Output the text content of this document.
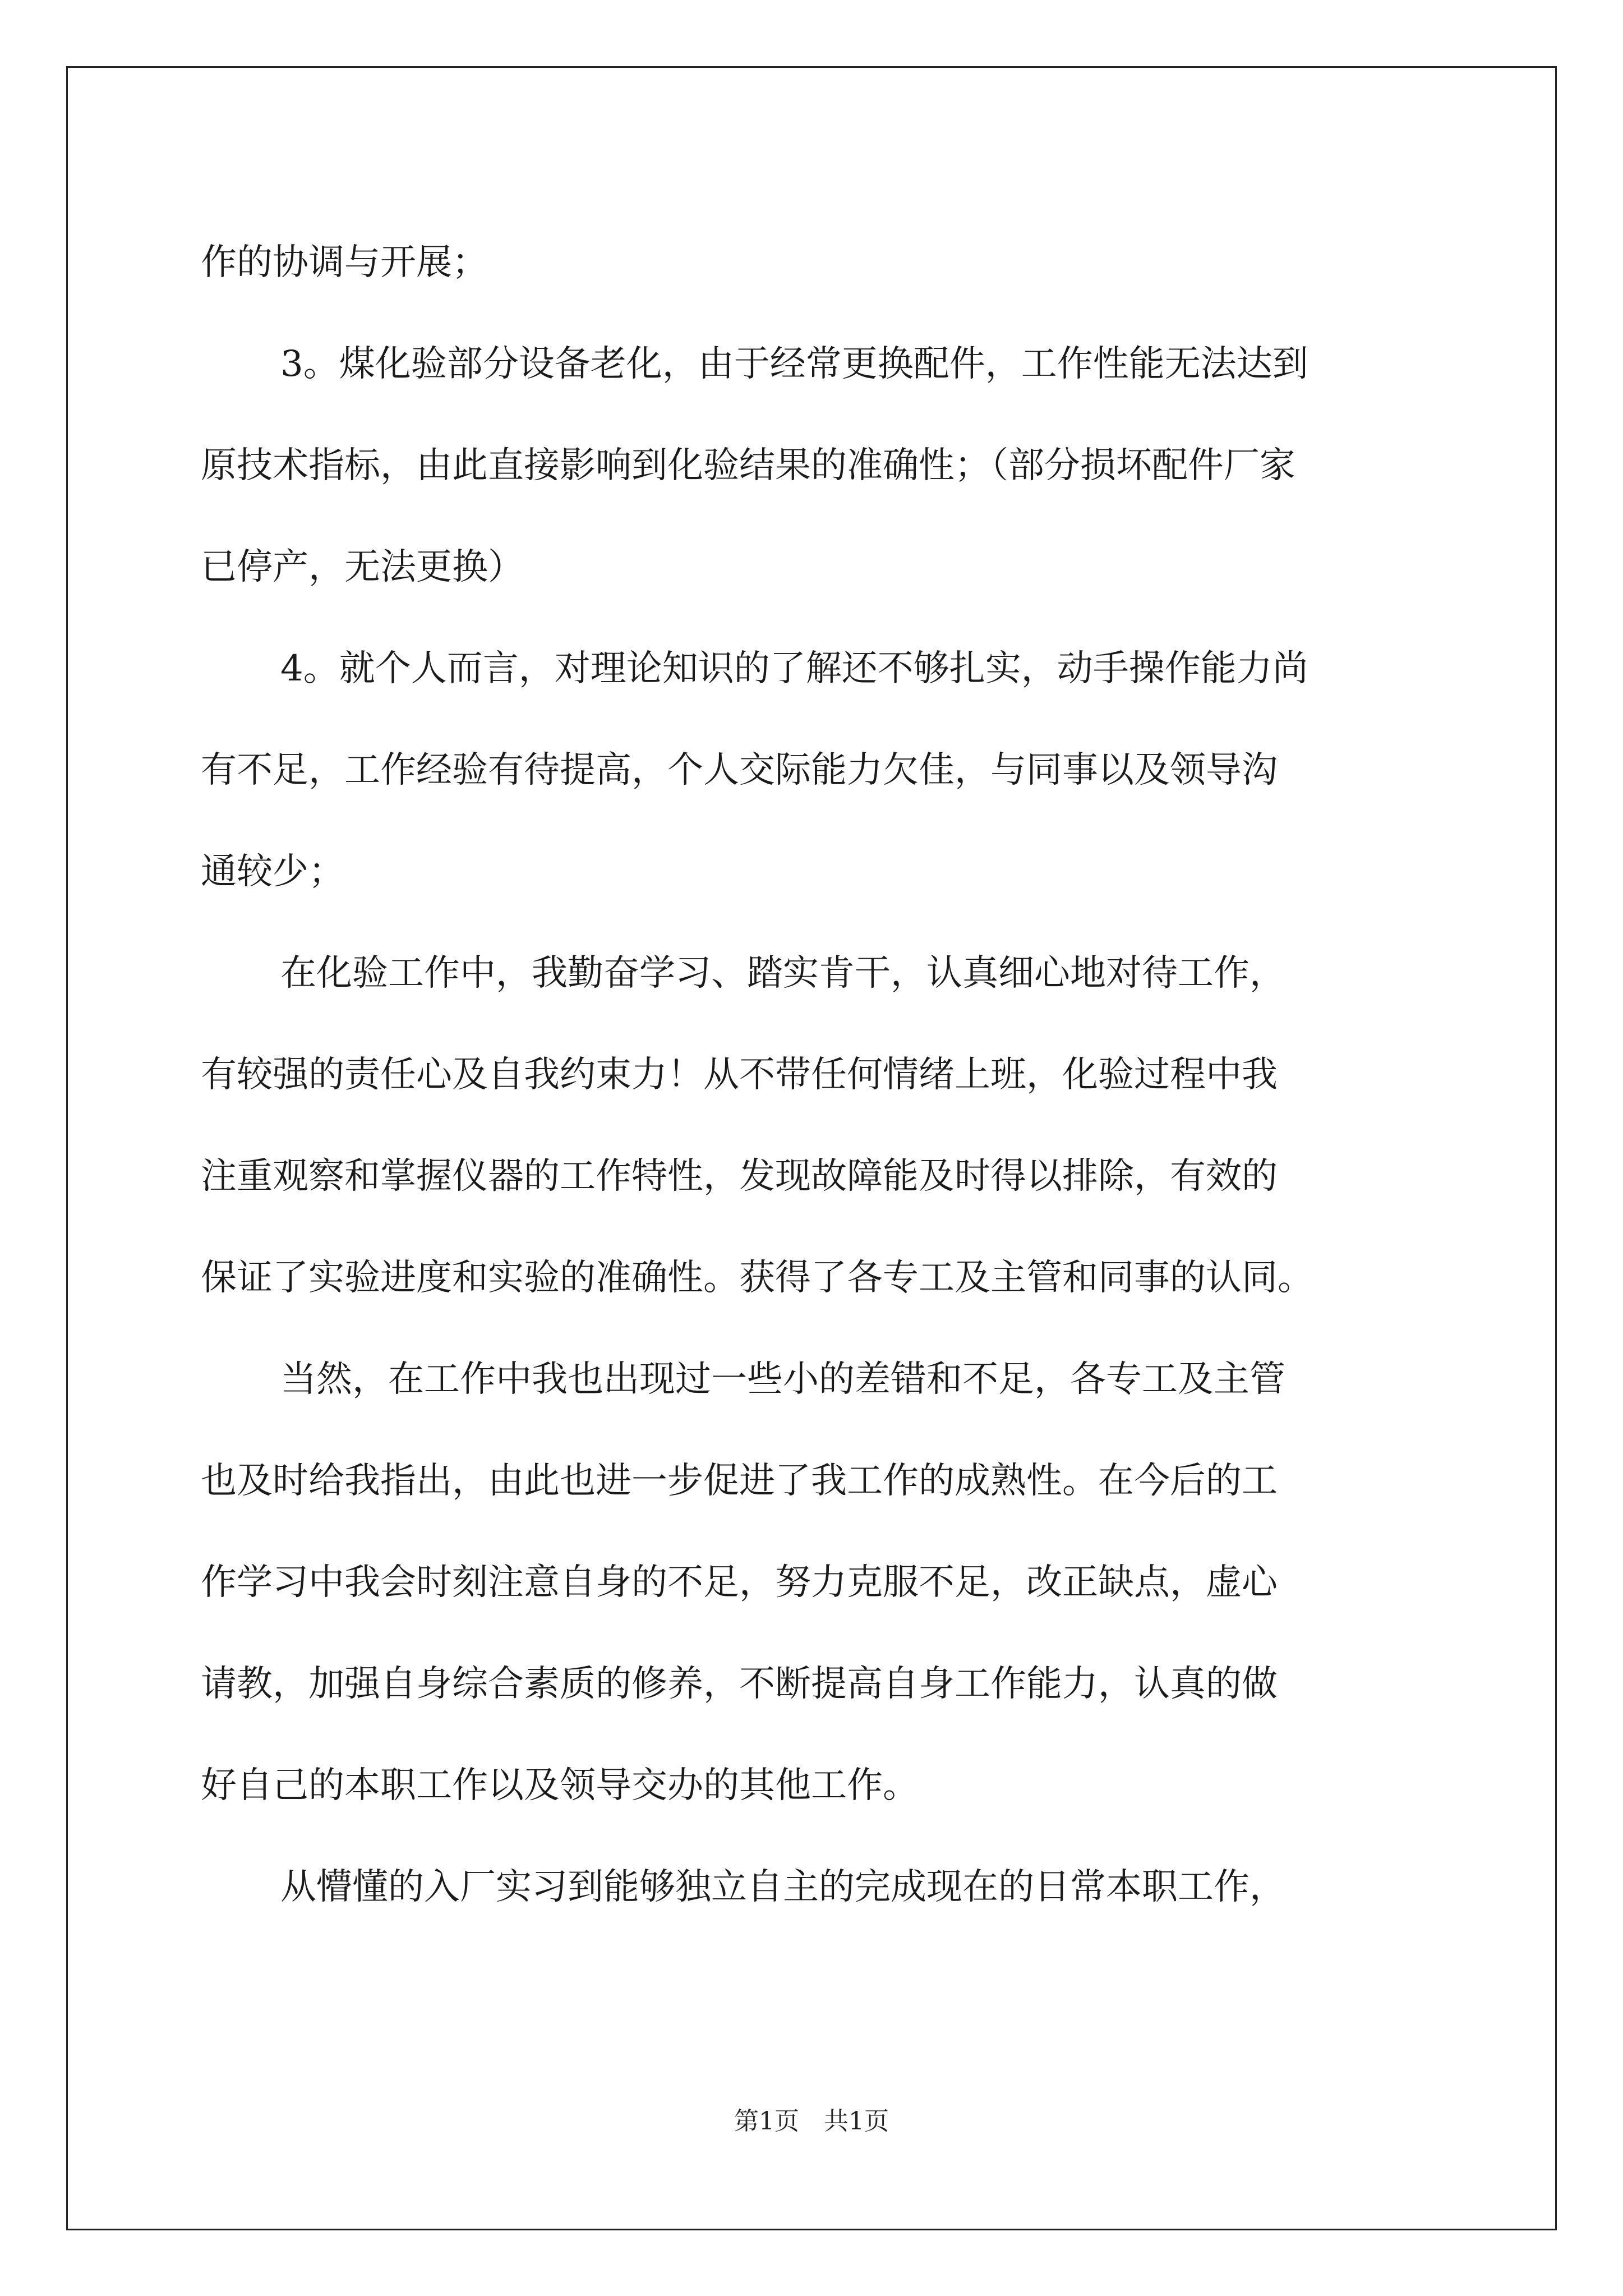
作的协调与开展；
3。煤化验部分设备老化，由于经常更换配件，工作性能无法达到
原技术指标，由此直接影响到化验结果的准确性；（部分损坏配件厂家
已停产，无法更换）
4。就个人而言，对理论知识的了解还不够扎实，动手操作能力尚
有不足，工作经验有待提高，个人交际能力欠佳，与同事以及领导沟
通较少；
在化验工作中，我勤奋学习、踏实肯干，认真细心地对待工作，
有较强的责任心及自我约束力！从不带任何情绪上班，化验过程中我
注重观察和掌握仪器的工作特性，发现故障能及时得以排除，有效的
保证了实验进度和实验的准确性。获得了各专工及主管和同事的认同。
当然，在工作中我也出现过一些小的差错和不足，各专工及主管
也及时给我指出，由此也进一步促进了我工作的成熟性。在今后的工
作学习中我会时刻注意自身的不足，努力克服不足，改正缺点，虚心
请教，加强自身综合素质的修养，不断提高自身工作能力，认真的做
好自己的本职工作以及领导交办的其他工作。
从懵懂的入厂实习到能够独立自主的完成现在的日常本职工作，
第1页　共1页
